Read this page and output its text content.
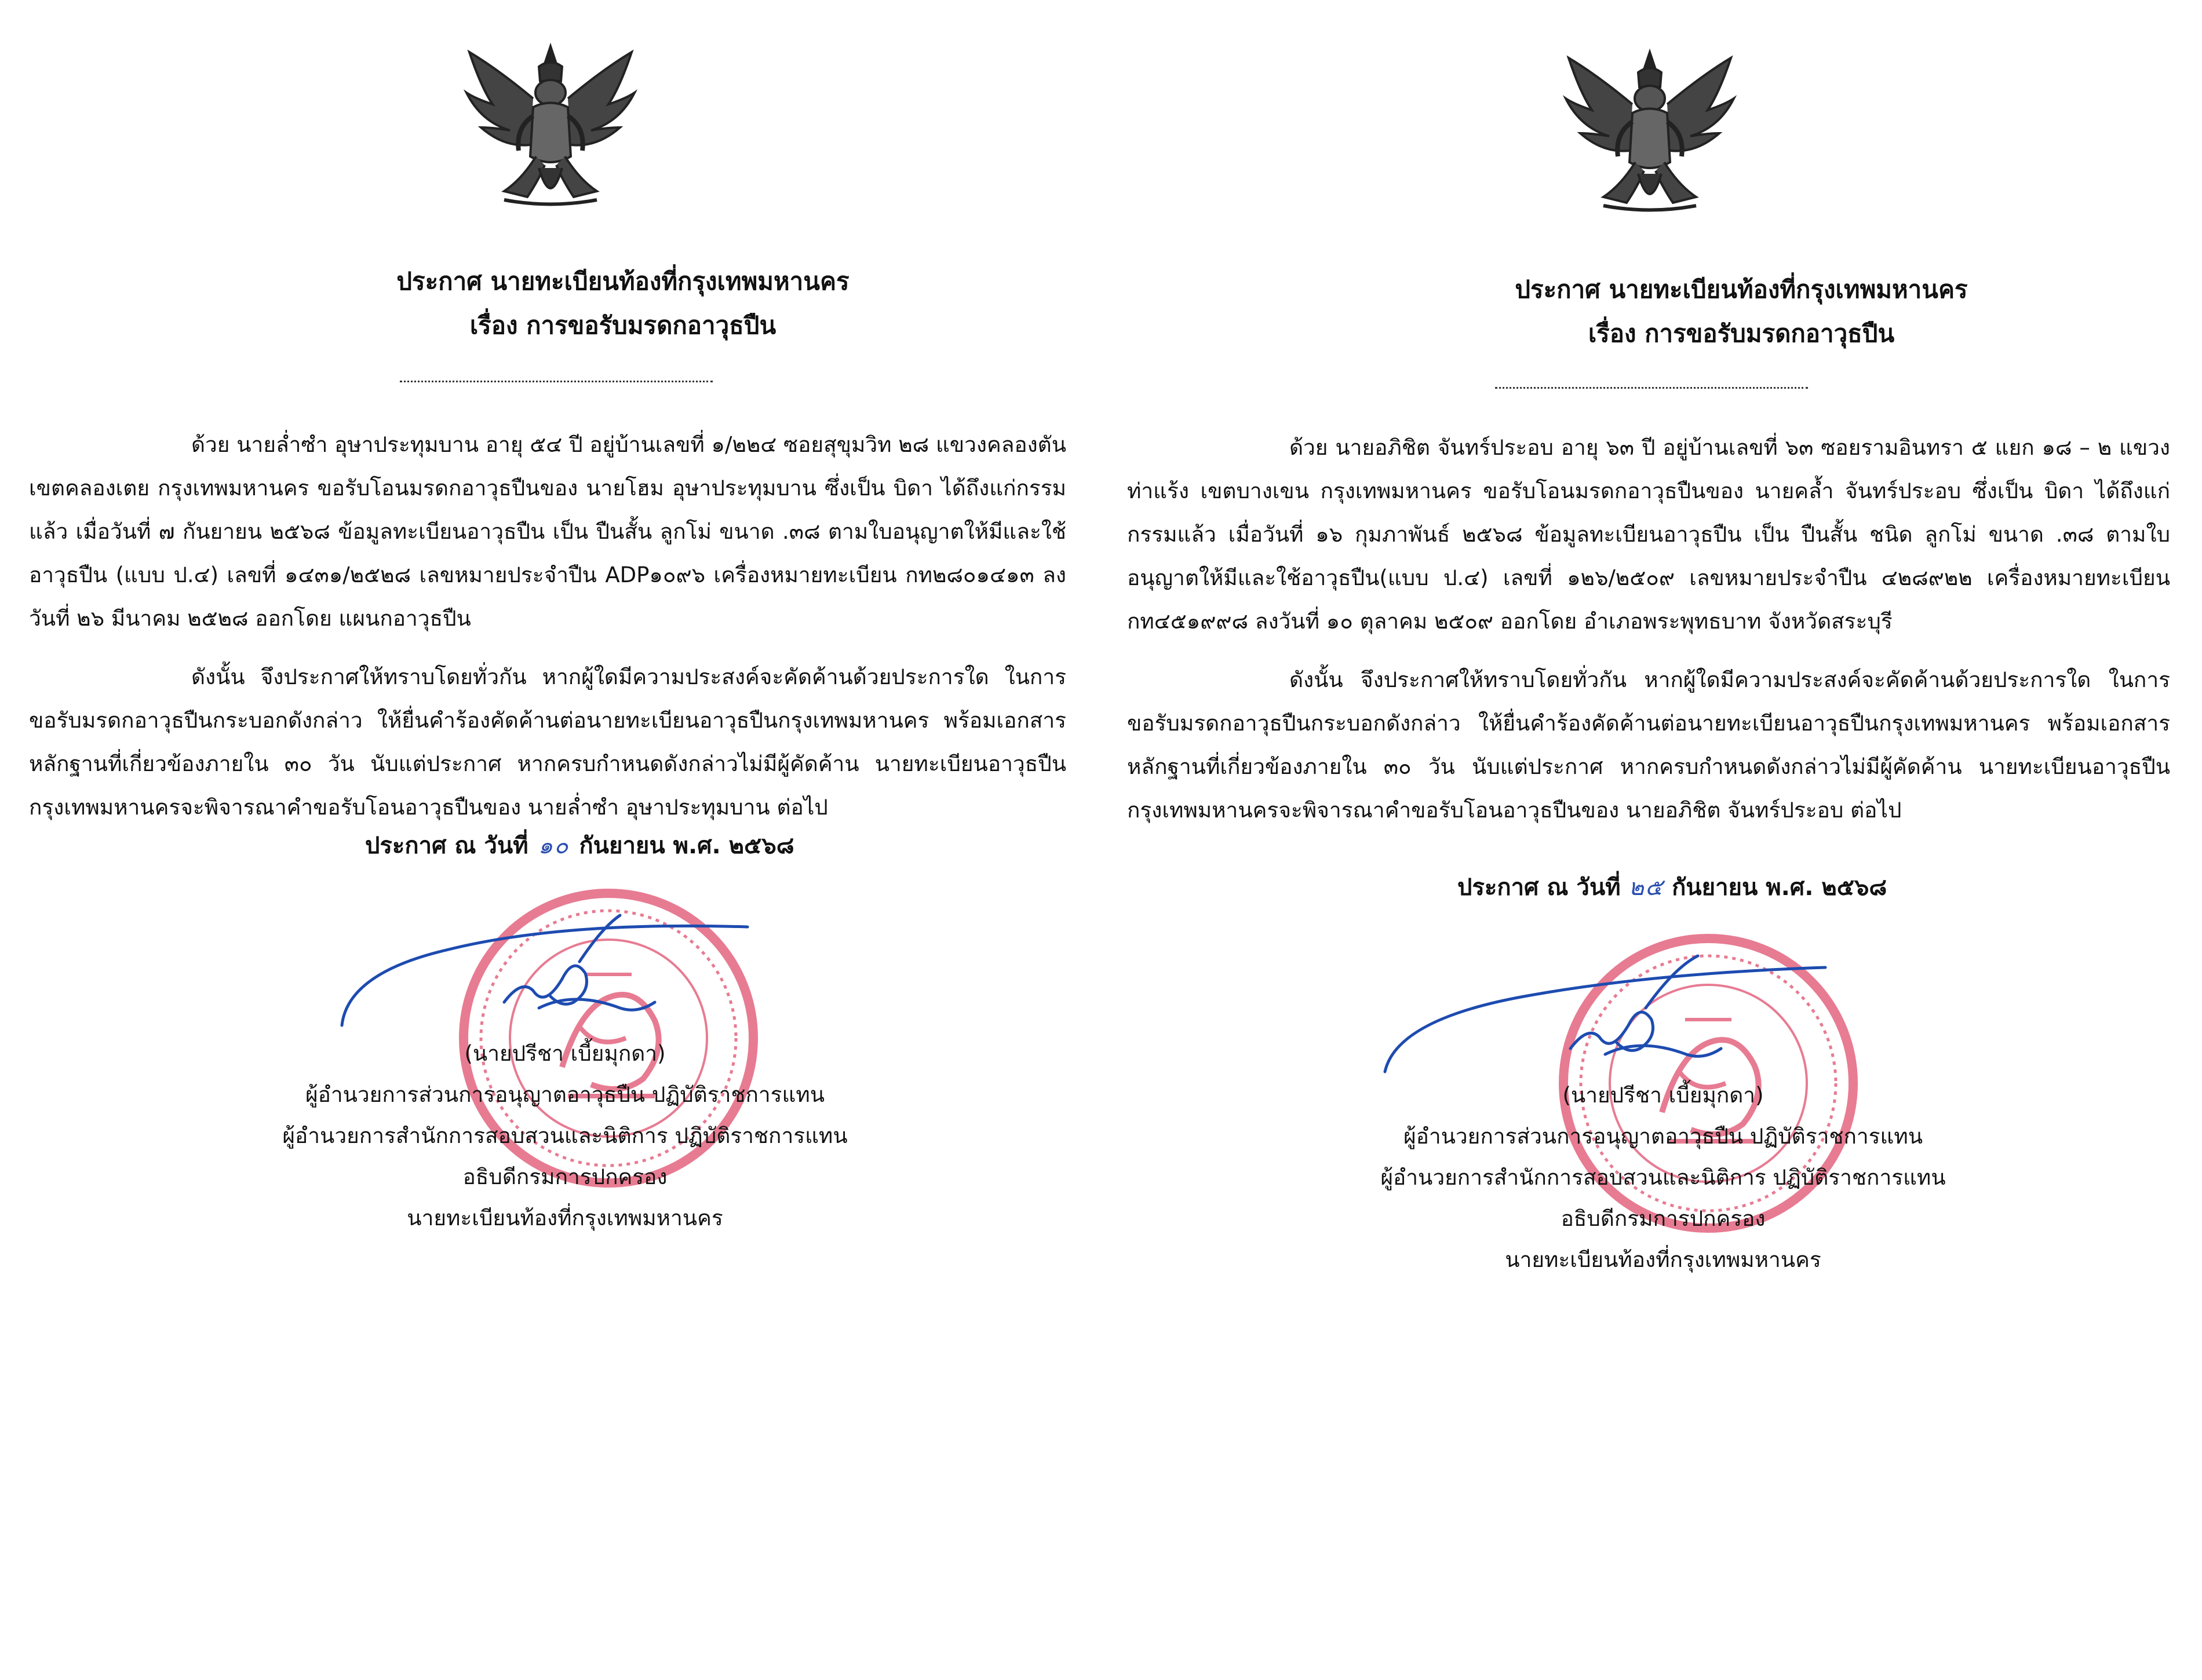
ประกาศ นายทะเบียนท้องที่กรุงเทพมหานคร
เรื่อง การขอรับมรดกอาวุธปืน

ด้วย นายล่ำซำ อุษาประทุมบาน อายุ ๕๔ ปี อยู่บ้านเลขที่ ๑/๒๒๔ ซอยสุขุมวิท ๒๘ แขวงคลองตัน เขตคลองเตย กรุงเทพมหานคร ขอรับโอนมรดกอาวุธปืนของ นายโฮม อุษาประทุมบาน ซึ่งเป็น บิดา ได้ถึงแก่กรรมแล้ว เมื่อวันที่ ๗ กันยายน ๒๕๖๘ ข้อมูลทะเบียนอาวุธปืน เป็น ปืนสั้น ลูกโม่ ขนาด .๓๘ ตามใบอนุญาตให้มีและใช้อาวุธปืน (แบบ ป.๔) เลขที่ ๑๔๓๑/๒๕๒๘ เลขหมายประจำปืน ADP๑๐๙๖ เครื่องหมายทะเบียน กท๒๘๐๑๔๑๓ ลงวันที่ ๒๖ มีนาคม ๒๕๒๘ ออกโดย แผนกอาวุธปืน

ดังนั้น จึงประกาศให้ทราบโดยทั่วกัน หากผู้ใดมีความประสงค์จะคัดค้านด้วยประการใด ในการขอรับมรดกอาวุธปืนกระบอกดังกล่าว ให้ยื่นคำร้องคัดค้านต่อนายทะเบียนอาวุธปืนกรุงเทพมหานคร พร้อมเอกสารหลักฐานที่เกี่ยวข้องภายใน ๓๐ วัน นับแต่ประกาศ หากครบกำหนดดังกล่าวไม่มีผู้คัดค้าน นายทะเบียนอาวุธปืนกรุงเทพมหานครจะพิจารณาคำขอรับโอนอาวุธปืนของ นายล่ำซำ อุษาประทุมบาน ต่อไป

ประกาศ ณ วันที่ ๑๐ กันยายน พ.ศ. ๒๕๖๘
(นายปรีชา เบี้ยมุกดา)
ผู้อำนวยการส่วนการอนุญาตอาวุธปืน ปฏิบัติราชการแทน
ผู้อำนวยการสำนักการสอบสวนและนิติการ ปฏิบัติราชการแทน
อธิบดีกรมการปกครอง
นายทะเบียนท้องที่กรุงเทพมหานคร
ประกาศ นายทะเบียนท้องที่กรุงเทพมหานคร
เรื่อง การขอรับมรดกอาวุธปืน

ด้วย นายอภิชิต จันทร์ประอบ อายุ ๖๓ ปี อยู่บ้านเลขที่ ๖๓ ซอยรามอินทรา ๕ แยก ๑๘ – ๒ แขวงท่าแร้ง เขตบางเขน กรุงเทพมหานคร ขอรับโอนมรดกอาวุธปืนของ นายคล้ำ จันทร์ประอบ ซึ่งเป็น บิดา ได้ถึงแก่กรรมแล้ว เมื่อวันที่ ๑๖ กุมภาพันธ์ ๒๕๖๘ ข้อมูลทะเบียนอาวุธปืน เป็น ปืนสั้น ชนิด ลูกโม่ ขนาด .๓๘ ตามใบอนุญาตให้มีและใช้อาวุธปืน(แบบ ป.๔) เลขที่ ๑๒๖/๒๕๐๙ เลขหมายประจำปืน ๔๒๘๙๒๒ เครื่องหมายทะเบียน กท๔๕๑๙๙๘ ลงวันที่ ๑๐ ตุลาคม ๒๕๐๙ ออกโดย อำเภอพระพุทธบาท จังหวัดสระบุรี

ดังนั้น จึงประกาศให้ทราบโดยทั่วกัน หากผู้ใดมีความประสงค์จะคัดค้านด้วยประการใด ในการขอรับมรดกอาวุธปืนกระบอกดังกล่าว ให้ยื่นคำร้องคัดค้านต่อนายทะเบียนอาวุธปืนกรุงเทพมหานคร พร้อมเอกสารหลักฐานที่เกี่ยวข้องภายใน ๓๐ วัน นับแต่ประกาศ หากครบกำหนดดังกล่าวไม่มีผู้คัดค้าน นายทะเบียนอาวุธปืนกรุงเทพมหานครจะพิจารณาคำขอรับโอนอาวุธปืนของ นายอภิชิต จันทร์ประอบ ต่อไป

ประกาศ ณ วันที่ ๒๕ กันยายน พ.ศ. ๒๕๖๘
(นายปรีชา เบี้ยมุกดา)
ผู้อำนวยการส่วนการอนุญาตอาวุธปืน ปฏิบัติราชการแทน
ผู้อำนวยการสำนักการสอบสวนและนิติการ ปฏิบัติราชการแทน
อธิบดีกรมการปกครอง
นายทะเบียนท้องที่กรุงเทพมหานคร
